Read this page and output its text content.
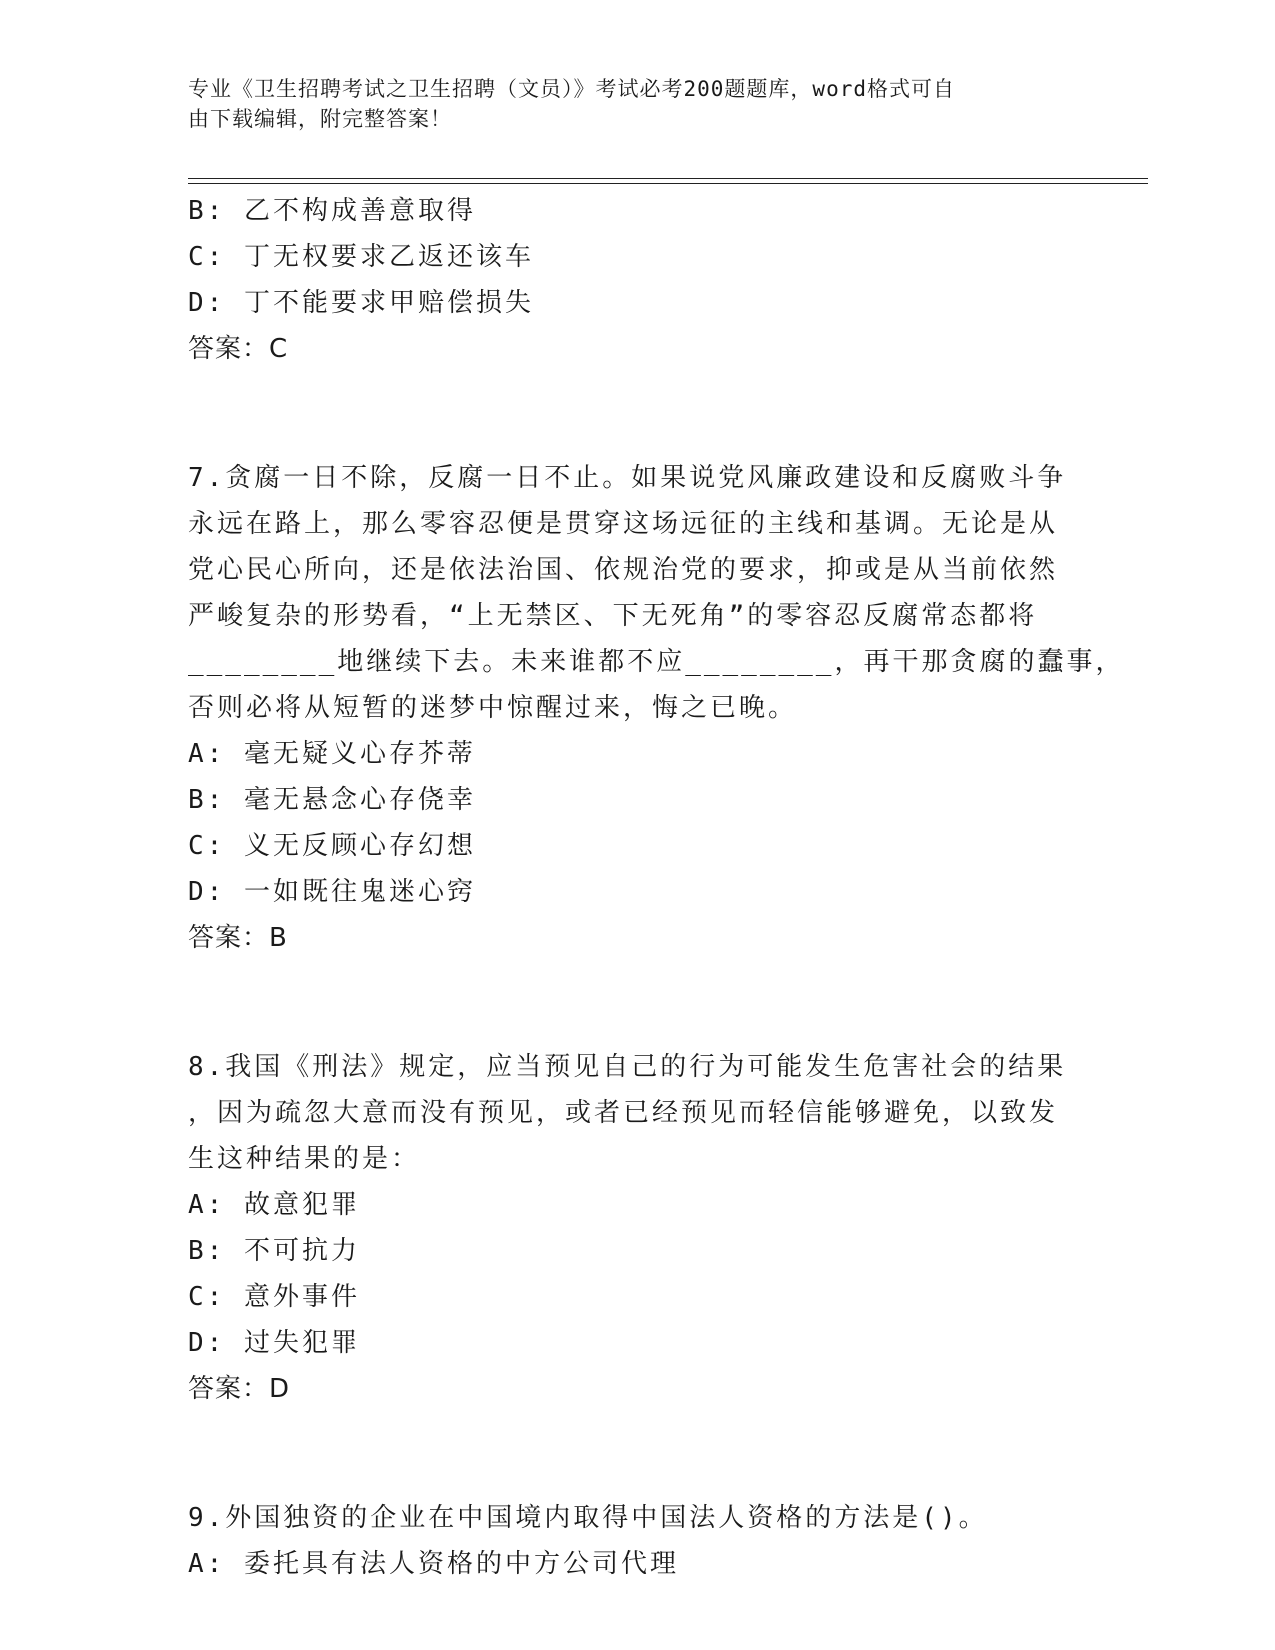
专业《卫生招聘考试之卫生招聘（文员）》考试必考200题题库，word格式可自
由下载编辑，附完整答案！
B: 乙不构成善意取得
C: 丁无权要求乙返还该车
D: 丁不能要求甲赔偿损失
答案：C
7.贪腐一日不除，反腐一日不止。如果说党风廉政建设和反腐败斗争
永远在路上，那么零容忍便是贯穿这场远征的主线和基调。无论是从
党心民心所向，还是依法治国、依规治党的要求，抑或是从当前依然
严峻复杂的形势看，“上无禁区、下无死角”的零容忍反腐常态都将
________地继续下去。未来谁都不应________，再干那贪腐的蠢事，
否则必将从短暂的迷梦中惊醒过来，悔之已晚。
A: 毫无疑义心存芥蒂
B: 毫无悬念心存侥幸
C: 义无反顾心存幻想
D: 一如既往鬼迷心窍
答案：B
8.我国《刑法》规定，应当预见自己的行为可能发生危害社会的结果
，因为疏忽大意而没有预见，或者已经预见而轻信能够避免，以致发
生这种结果的是：
A: 故意犯罪
B: 不可抗力
C: 意外事件
D: 过失犯罪
答案：D
9.外国独资的企业在中国境内取得中国法人资格的方法是()。
A: 委托具有法人资格的中方公司代理
